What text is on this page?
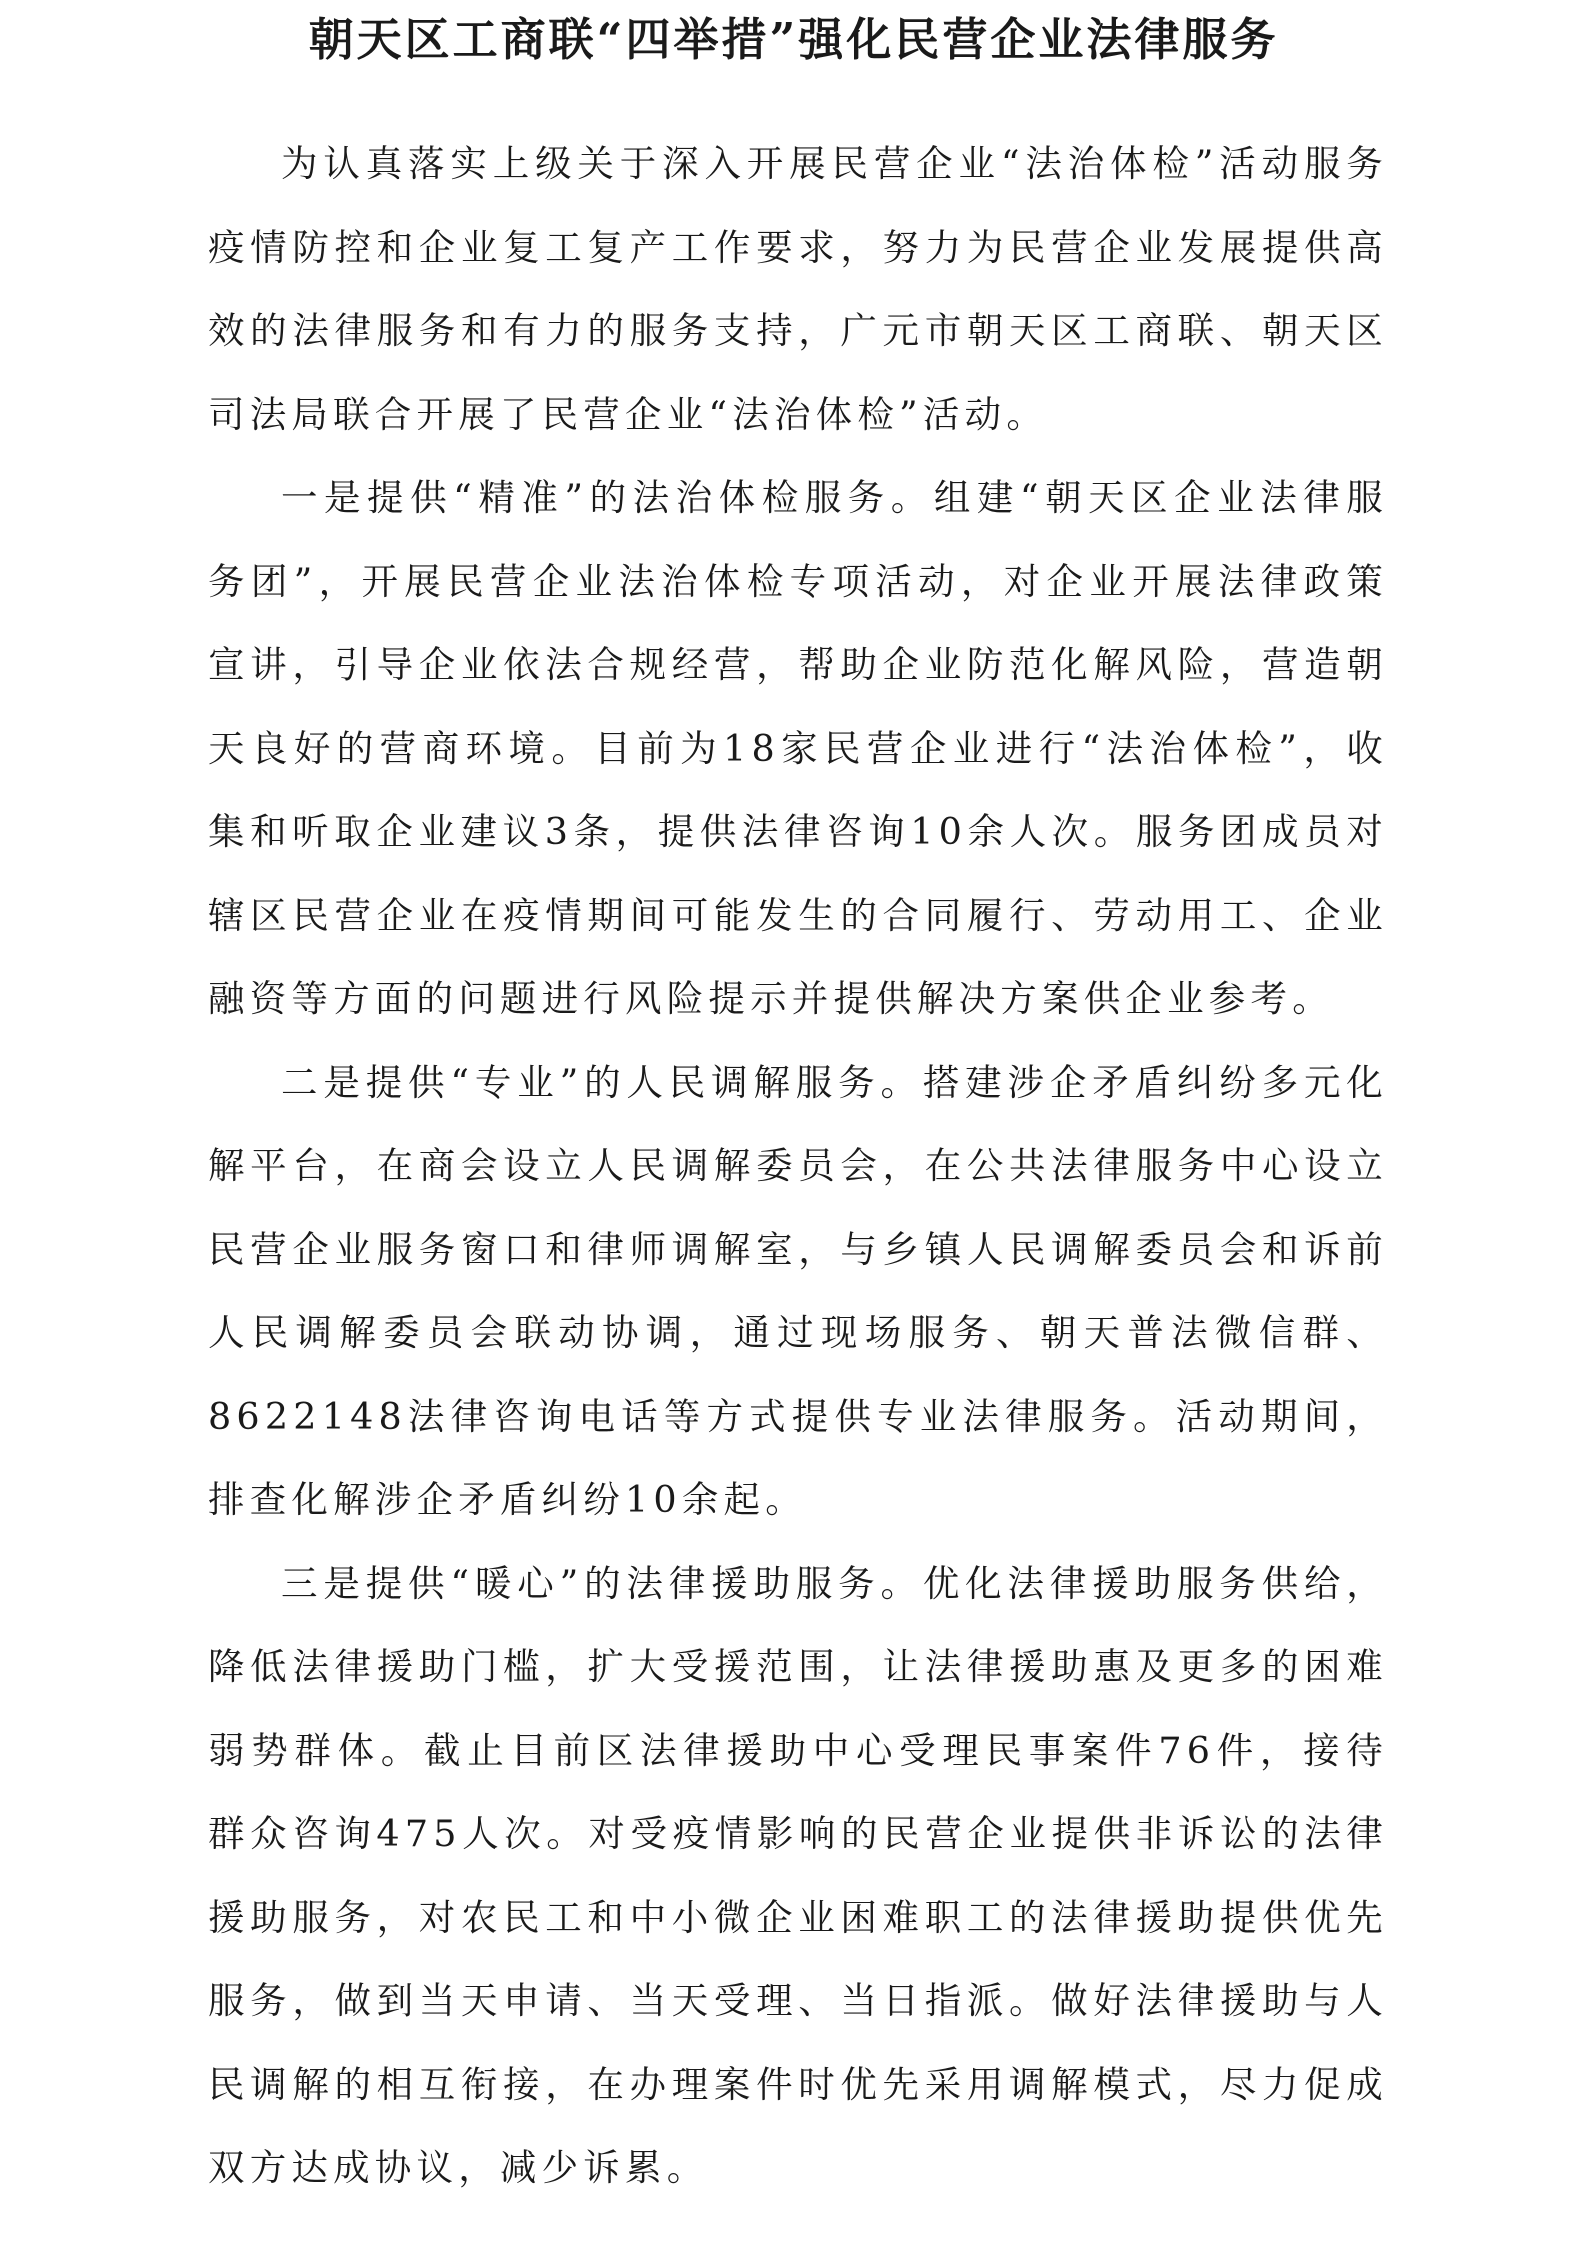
朝天区工商联“四举措”强化民营企业法律服务

为认真落实上级关于深入开展民营企业“法治体检”活动服务疫情防控和企业复工复产工作要求，努力为民营企业发展提供高效的法律服务和有力的服务支持，广元市朝天区工商联、朝天区司法局联合开展了民营企业“法治体检”活动。

一是提供“精准”的法治体检服务。组建“朝天区企业法律服务团”，开展民营企业法治体检专项活动，对企业开展法律政策宣讲，引导企业依法合规经营，帮助企业防范化解风险，营造朝天良好的营商环境。目前为18家民营企业进行“法治体检”，收集和听取企业建议3条，提供法律咨询10余人次。服务团成员对辖区民营企业在疫情期间可能发生的合同履行、劳动用工、企业融资等方面的问题进行风险提示并提供解决方案供企业参考。

二是提供“专业”的人民调解服务。搭建涉企矛盾纠纷多元化解平台，在商会设立人民调解委员会，在公共法律服务中心设立民营企业服务窗口和律师调解室，与乡镇人民调解委员会和诉前人民调解委员会联动协调，通过现场服务、朝天普法微信群、8622148法律咨询电话等方式提供专业法律服务。活动期间，排查化解涉企矛盾纠纷10余起。

三是提供“暖心”的法律援助服务。优化法律援助服务供给，降低法律援助门槛，扩大受援范围，让法律援助惠及更多的困难弱势群体。截止目前区法律援助中心受理民事案件76件，接待群众咨询475人次。对受疫情影响的民营企业提供非诉讼的法律援助服务，对农民工和中小微企业困难职工的法律援助提供优先服务，做到当天申请、当天受理、当日指派。做好法律援助与人民调解的相互衔接，在办理案件时优先采用调解模式，尽力促成双方达成协议，减少诉累。
